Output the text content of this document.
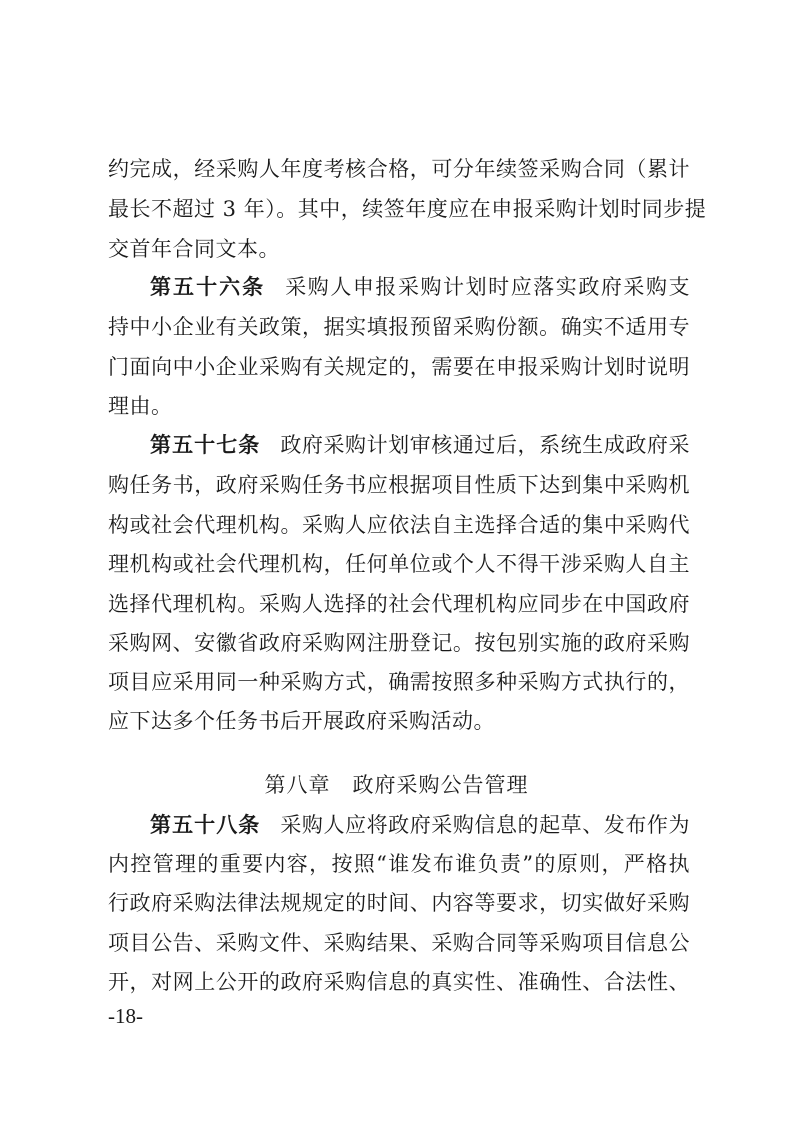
约完成，经采购人年度考核合格，可分年续签采购合同（累计
最长不超过 3 年）。其中，续签年度应在申报采购计划时同步提
交首年合同文本。
第五十六条 采购人申报采购计划时应落实政府采购支
持中小企业有关政策，据实填报预留采购份额。确实不适用专
门面向中小企业采购有关规定的，需要在申报采购计划时说明
理由。
第五十七条 政府采购计划审核通过后，系统生成政府采
购任务书，政府采购任务书应根据项目性质下达到集中采购机
构或社会代理机构。采购人应依法自主选择合适的集中采购代
理机构或社会代理机构，任何单位或个人不得干涉采购人自主
选择代理机构。采购人选择的社会代理机构应同步在中国政府
采购网、安徽省政府采购网注册登记。按包别实施的政府采购
项目应采用同一种采购方式，确需按照多种采购方式执行的，
应下达多个任务书后开展政府采购活动。
第八章 政府采购公告管理
第五十八条 采购人应将政府采购信息的起草、发布作为
内控管理的重要内容，按照“谁发布谁负责”的原则，严格执
行政府采购法律法规规定的时间、内容等要求，切实做好采购
项目公告、采购文件、采购结果、采购合同等采购项目信息公
开，对网上公开的政府采购信息的真实性、准确性、合法性、
-18-
